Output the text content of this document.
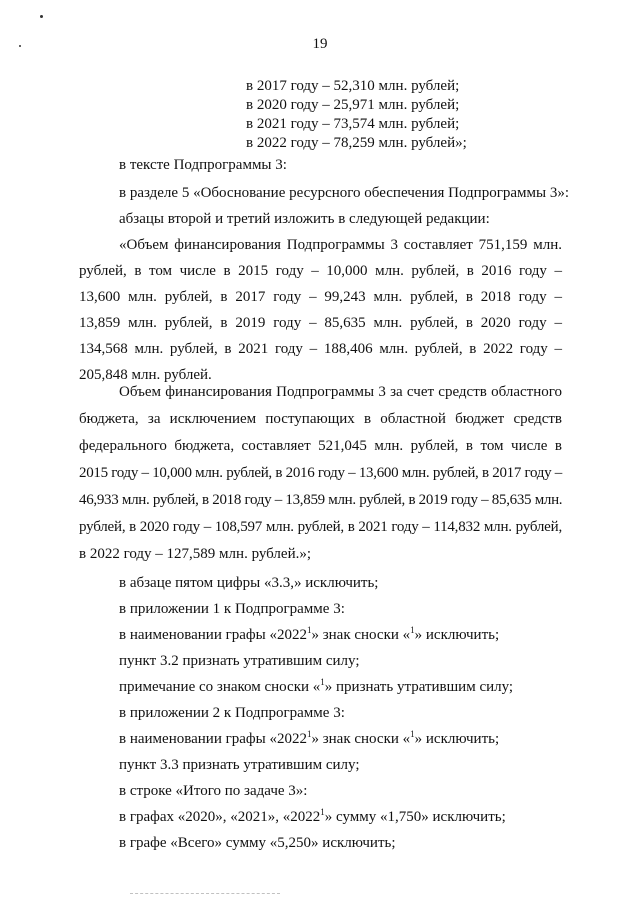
19
в 2017 году – 52,310 млн. рублей;
в 2020 году – 25,971 млн. рублей;
в 2021 году – 73,574 млн. рублей;
в 2022 году – 78,259 млн. рублей»;
в тексте Подпрограммы 3:
в разделе 5 «Обоснование ресурсного обеспечения Подпрограммы 3»:
абзацы второй и третий изложить в следующей редакции:
«Объем финансирования Подпрограммы 3 составляет 751,159 млн.
рублей, в том числе в 2015 году – 10,000 млн. рублей, в 2016 году –
13,600 млн. рублей, в 2017 году – 99,243 млн. рублей, в 2018 году –
13,859 млн. рублей, в 2019 году – 85,635 млн. рублей, в 2020 году –
134,568 млн. рублей, в 2021 году – 188,406 млн. рублей, в 2022 году –
205,848 млн. рублей.
Объем финансирования Подпрограммы 3 за счет средств областного
бюджета, за исключением поступающих в областной бюджет средств
федерального бюджета, составляет 521,045 млн. рублей, в том числе в
2015 году – 10,000 млн. рублей, в 2016 году – 13,600 млн. рублей, в 2017 году –
46,933 млн. рублей, в 2018 году – 13,859 млн. рублей, в 2019 году – 85,635 млн.
рублей, в 2020 году – 108,597 млн. рублей, в 2021 году – 114,832 млн. рублей,
в 2022 году – 127,589 млн. рублей.»;
в абзаце пятом цифры «3.3,» исключить;
в приложении 1 к Подпрограмме 3:
в наименовании графы «2022$^1$» знак сноски «$^1$» исключить;
пункт 3.2 признать утратившим силу;
примечание со знаком сноски «$^1$» признать утратившим силу;
в приложении 2 к Подпрограмме 3:
в наименовании графы «2022$^1$» знак сноски «$^1$» исключить;
пункт 3.3 признать утратившим силу;
в строке «Итого по задаче 3»:
в графах «2020», «2021», «2022$^1$» сумму «1,750» исключить;
в графе «Всего» сумму «5,250» исключить;
